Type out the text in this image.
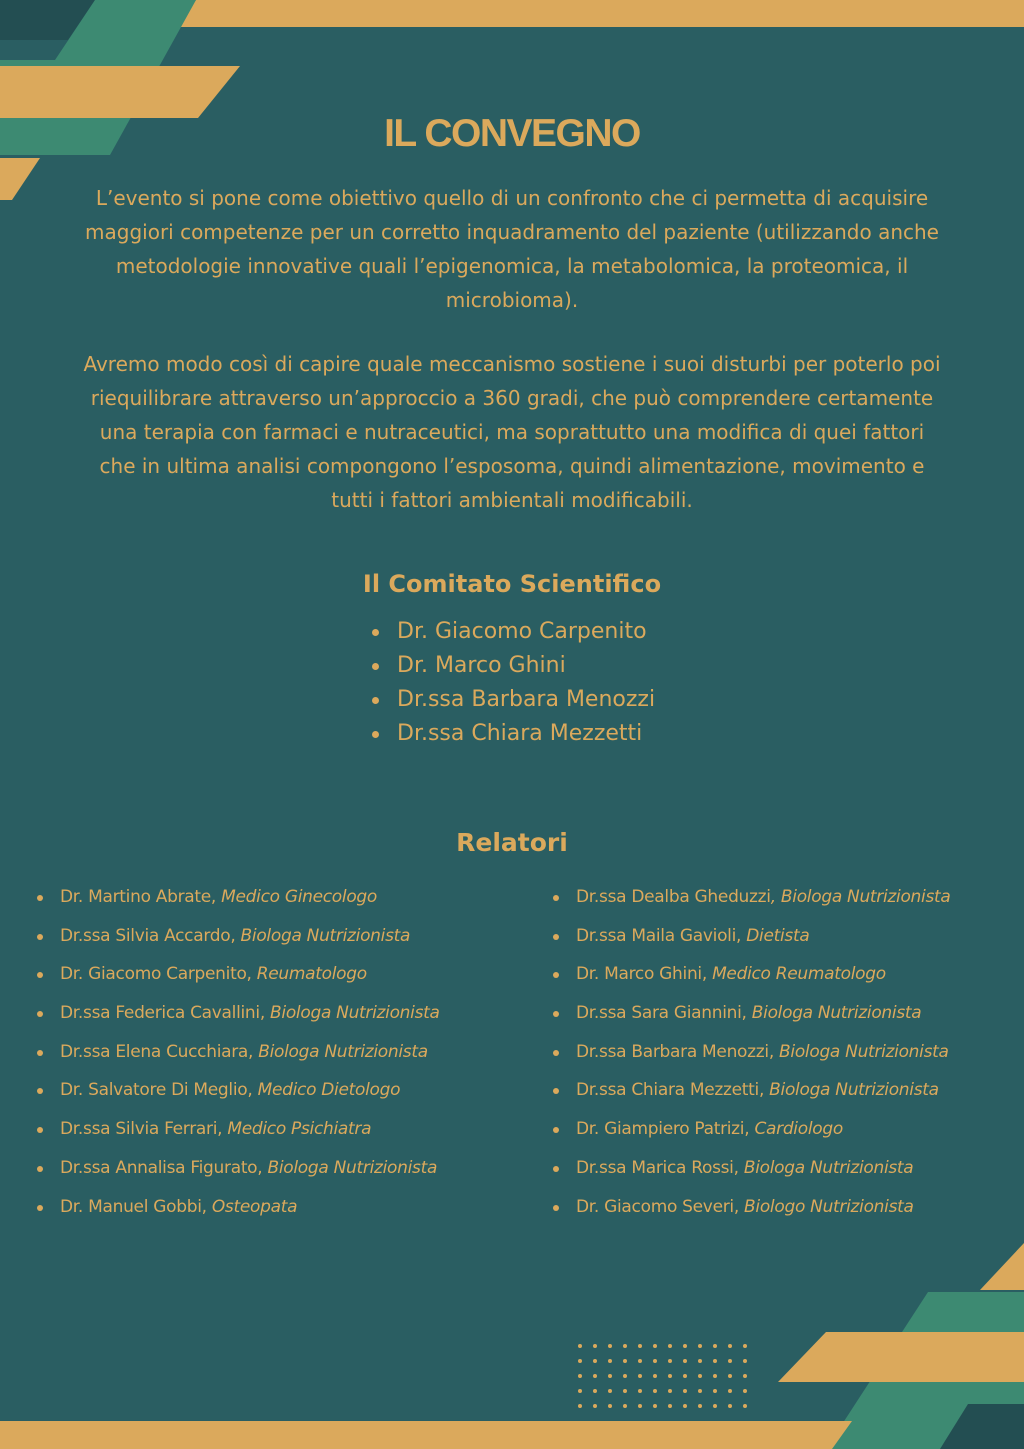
IL CONVEGNO

L’evento si pone come obiettivo quello di un confronto che ci permetta di acquisire maggiori competenze per un corretto inquadramento del paziente (utilizzando anche metodologie innovative quali l’epigenomica, la metabolomica, la proteomica, il microbioma).

Avremo modo così di capire quale meccanismo sostiene i suoi disturbi per poterlo poi riequilibrare attraverso un’approccio a 360 gradi, che può comprendere certamente una terapia con farmaci e nutraceutici, ma soprattutto una modifica di quei fattori che in ultima analisi compongono l’esposoma, quindi alimentazione, movimento e tutti i fattori ambientali modificabili.

Il Comitato Scientifico
Dr. Giacomo Carpenito
Dr. Marco Ghini
Dr.ssa Barbara Menozzi
Dr.ssa Chiara Mezzetti
Relatori
Dr. Martino Abrate, Medico Ginecologo
Dr.ssa Silvia Accardo, Biologa Nutrizionista
Dr. Giacomo Carpenito, Reumatologo
Dr.ssa Federica Cavallini, Biologa Nutrizionista
Dr.ssa Elena Cucchiara, Biologa Nutrizionista
Dr. Salvatore Di Meglio, Medico Dietologo
Dr.ssa Silvia Ferrari, Medico Psichiatra
Dr.ssa Annalisa Figurato, Biologa Nutrizionista
Dr. Manuel Gobbi, Osteopata
Dr.ssa Dealba Gheduzzi, Biologa Nutrizionista
Dr.ssa Maila Gavioli, Dietista
Dr. Marco Ghini, Medico Reumatologo
Dr.ssa Sara Giannini, Biologa Nutrizionista
Dr.ssa Barbara Menozzi, Biologa Nutrizionista
Dr.ssa Chiara Mezzetti, Biologa Nutrizionista
Dr. Giampiero Patrizi, Cardiologo
Dr.ssa Marica Rossi, Biologa Nutrizionista
Dr. Giacomo Severi, Biologo Nutrizionista
